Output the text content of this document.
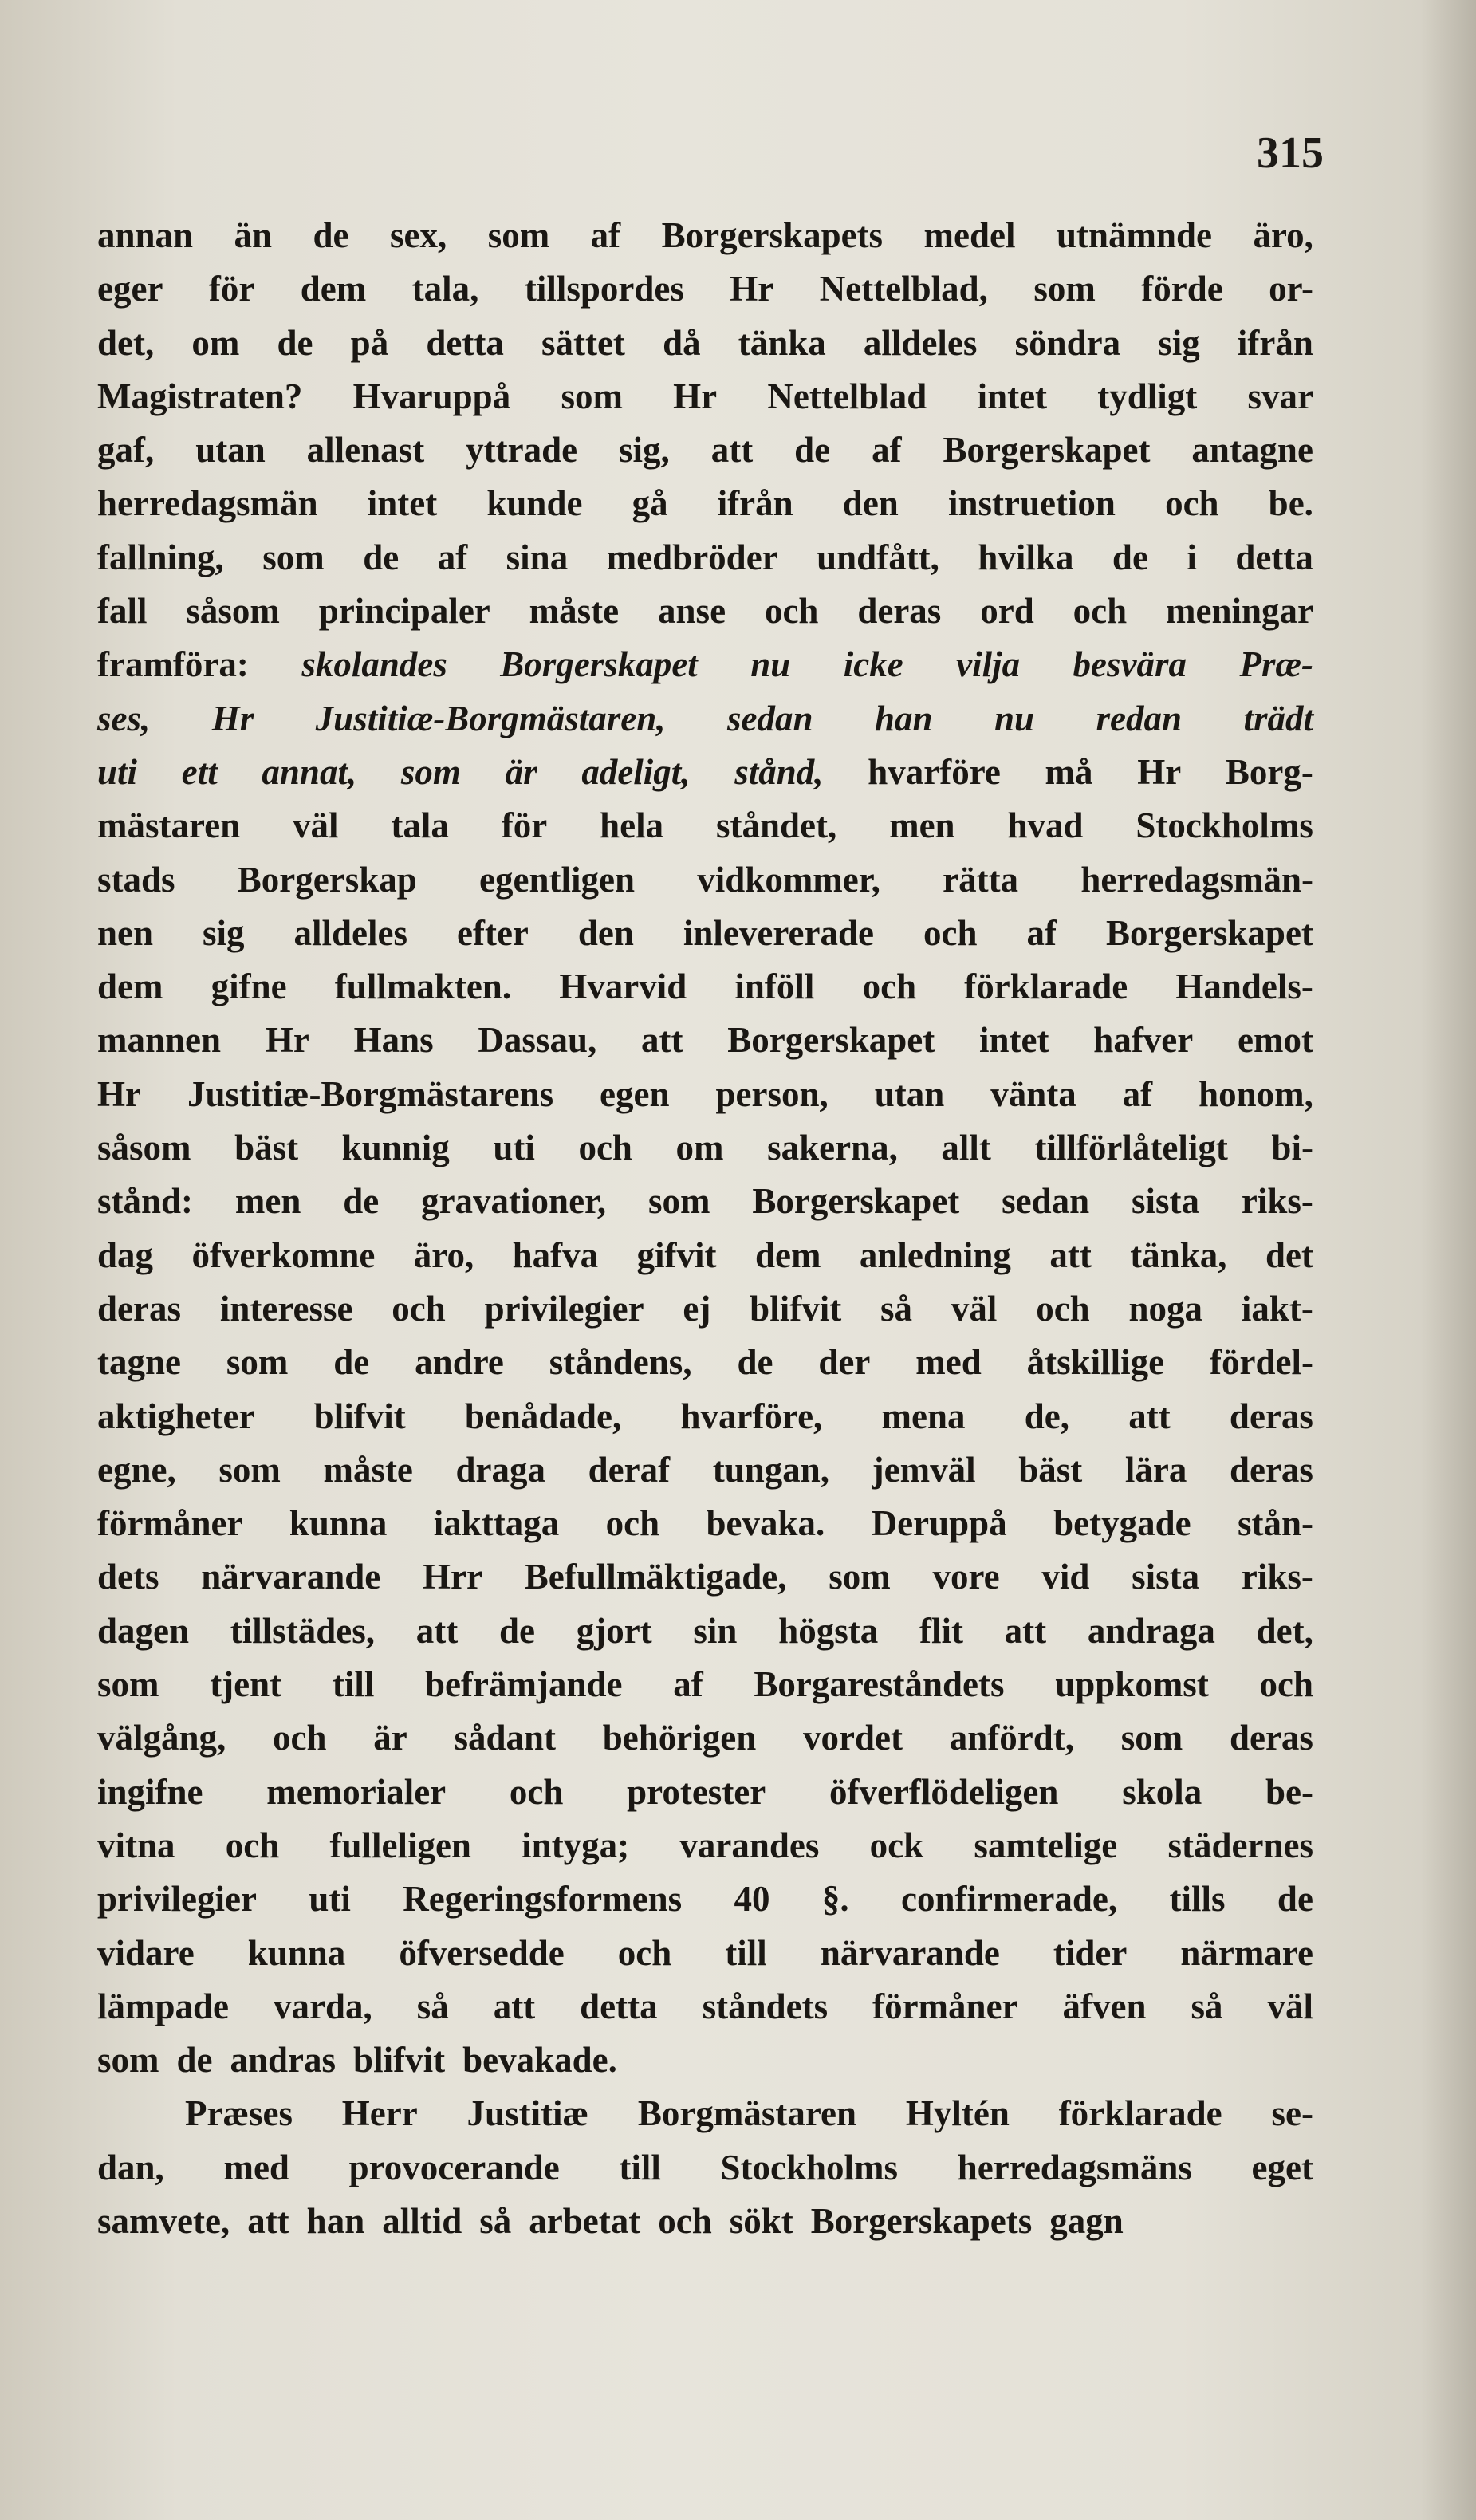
315
annan än de sex, som af Borgerskapets medel utnämnde äro,
eger för dem tala, tillspordes Hr Nettelblad, som förde or-
det, om de på detta sättet då tänka alldeles söndra sig ifrån
Magistraten? Hvaruppå som Hr Nettelblad intet tydligt svar
gaf, utan allenast yttrade sig, att de af Borgerskapet antagne
herredagsmän intet kunde gå ifrån den instruetion och be.
fallning, som de af sina medbröder undfått, hvilka de i detta
fall såsom principaler måste anse och deras ord och meningar
framföra: skolandes Borgerskapet nu icke vilja besvära Præ-
ses, Hr Justitiæ-Borgmästaren, sedan han nu redan trädt
uti ett annat, som är adeligt, stånd, hvarföre må Hr Borg-
mästaren väl tala för hela ståndet, men hvad Stockholms
stads Borgerskap egentligen vidkommer, rätta herredagsmän-
nen sig alldeles efter den inlevererade och af Borgerskapet
dem gifne fullmakten. Hvarvid inföll och förklarade Handels-
mannen Hr Hans Dassau, att Borgerskapet intet hafver emot
Hr Justitiæ-Borgmästarens egen person, utan vänta af honom,
såsom bäst kunnig uti och om sakerna, allt tillförlåteligt bi-
stånd: men de gravationer, som Borgerskapet sedan sista riks-
dag öfverkomne äro, hafva gifvit dem anledning att tänka, det
deras interesse och privilegier ej blifvit så väl och noga iakt-
tagne som de andre ståndens, de der med åtskillige fördel-
aktigheter blifvit benådade, hvarföre, mena de, att deras
egne, som måste draga deraf tungan, jemväl bäst lära deras
förmåner kunna iakttaga och bevaka. Deruppå betygade stån-
dets närvarande Hrr Befullmäktigade, som vore vid sista riks-
dagen tillstädes, att de gjort sin högsta flit att andraga det,
som tjent till befrämjande af Borgareståndets uppkomst och
välgång, och är sådant behörigen vordet anfördt, som deras
ingifne memorialer och protester öfverflödeligen skola be-
vitna och fulleligen intyga; varandes ock samtelige städernes
privilegier uti Regeringsformens 40 §. confirmerade, tills de
vidare kunna öfversedde och till närvarande tider närmare
lämpade varda, så att detta ståndets förmåner äfven så väl
som de andras blifvit bevakade.
Præses Herr Justitiæ Borgmästaren Hyltén förklarade se-
dan, med provocerande till Stockholms herredagsmäns eget
samvete, att han alltid så arbetat och sökt Borgerskapets gagn
